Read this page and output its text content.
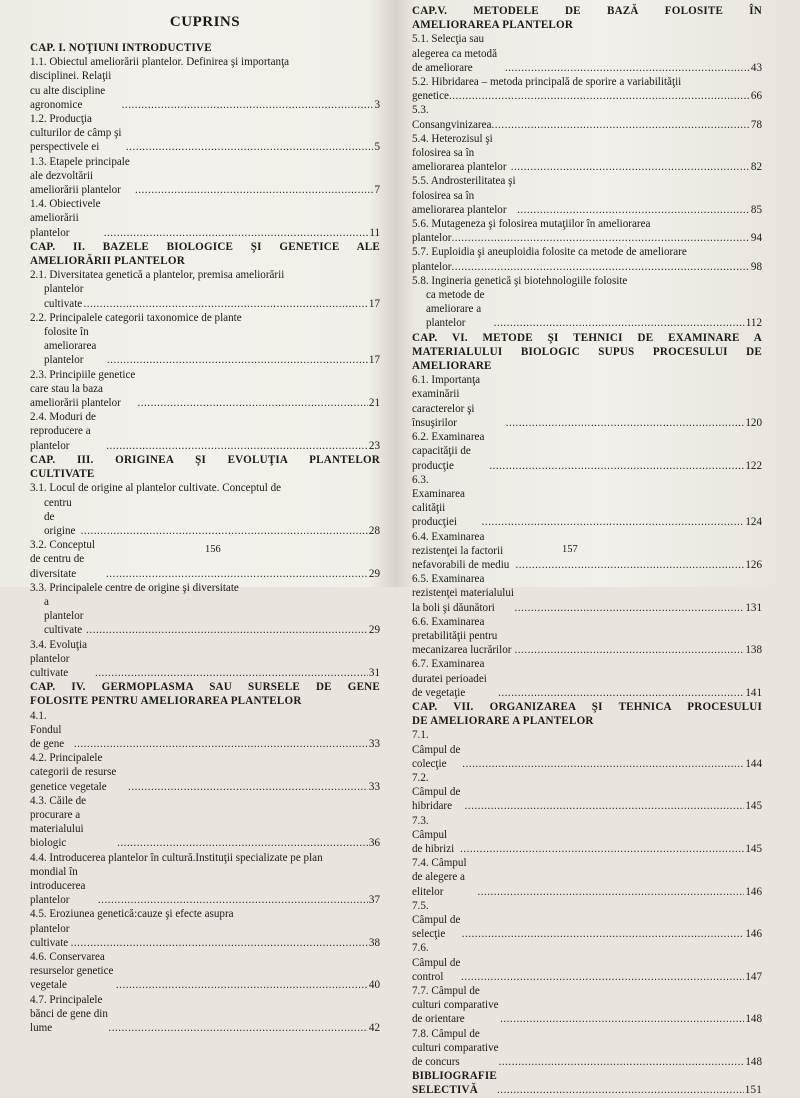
CUPRINS
CAP. I. NOŢIUNI INTRODUCTIVE
1.1. Obiectul ameliorării plantelor. Definirea şi importanţa
disciplinei. Relaţii cu alte discipline agronomice .....	3
1.2. Producţia culturilor de câmp şi perspectivele ei .....	5
1.3. Etapele principale ale dezvoltării ameliorării plantelor .....	7
1.4. Obiectivele ameliorării plantelor .....	11
CAP. II. BAZELE BIOLOGICE ŞI GENETICE ALE
AMELIORĂRII PLANTELOR
2.1. Diversitatea genetică a plantelor, premisa ameliorării
plantelor cultivate .....	17
2.2. Principalele categorii taxonomice de plante
folosite în ameliorarea plantelor .....	17
2.3. Principiile genetice care stau la baza ameliorării plantelor .....	21
2.4. Moduri de reproducere a plantelor .....	23
CAP. III. ORIGINEA ŞI EVOLUŢIA PLANTELOR
CULTIVATE
3.1. Locul de origine al plantelor cultivate. Conceptul de
centru de origine .....	28
3.2. Conceptul de centru de diversitate .....	29
3.3. Principalele centre de origine şi diversitate
a plantelor cultivate .....	29
3.4. Evoluţia plantelor cultivate .....	31
CAP. IV. GERMOPLASMA SAU SURSELE DE GENE
FOLOSITE PENTRU AMELIORAREA PLANTELOR
4.1. Fondul de gene .....	33
4.2. Principalele categorii de resurse genetice vegetale .....	33
4.3. Căile de procurare a materialului biologic .....	36
4.4. Introducerea plantelor în cultură.Instituţii specializate pe plan
mondial în introducerea plantelor .....	37
4.5. Eroziunea genetică:cauze şi efecte asupra
plantelor cultivate .....	38
4.6. Conservarea resurselor genetice vegetale .....	40
4.7. Principalele bănci de gene din lume .....	42
156
CAP.V. METODELE DE BAZĂ FOLOSITE ÎN
AMELIORAREA PLANTELOR
5.1. Selecţia sau alegerea ca metodă de ameliorare .....	43
5.2. Hibridarea – metoda principală de sporire a variabilităţii
genetice .....	66
5.3. Consangvinizarea .....	78
5.4. Heterozisul şi folosirea sa în ameliorarea plantelor .....	82
5.5. Androsterilitatea şi folosirea sa în ameliorarea plantelor .....	85
5.6. Mutageneza şi folosirea mutaţiilor în ameliorarea
plantelor .....	94
5.7. Euploidia şi aneuploidia folosite ca metode de ameliorare
plantelor .....	98
5.8. Ingineria genetică şi biotehnologiile folosite
ca metode de ameliorare a plantelor .....	112
CAP. VI. METODE ŞI TEHNICI DE EXAMINARE A
MATERIALULUI BIOLOGIC SUPUS PROCESULUI DE
AMELIORARE
6.1. Importanţa examinării caracterelor şi însuşirilor .....	120
6.2. Examinarea capacităţii de producţie .....	122
6.3. Examinarea calităţii producţiei .....	124
6.4. Examinarea rezistenţei la factorii nefavorabili de mediu .....	126
6.5. Examinarea rezistenţei materialului la boli şi dăunători .....	131
6.6. Examinarea pretabilităţii pentru mecanizarea lucrărilor .....	138
6.7. Examinarea duratei perioadei de vegetaţie .....	141
CAP. VII. ORGANIZAREA ŞI TEHNICA PROCESULUI
DE AMELIORARE A PLANTELOR
7.1. Câmpul de colecţie .....	144
7.2. Câmpul de hibridare .....	145
7.3. Câmpul de hibrizi .....	145
7.4. Câmpul de alegere a elitelor .....	146
7.5. Câmpul de selecţie .....	146
7.6. Câmpul de control .....	147
7.7. Câmpul de culturi comparative de orientare .....	148
7.8. Câmpul de culturi comparative de concurs .....	148
BIBLIOGRAFIE SELECTIVĂ .....	151
157
